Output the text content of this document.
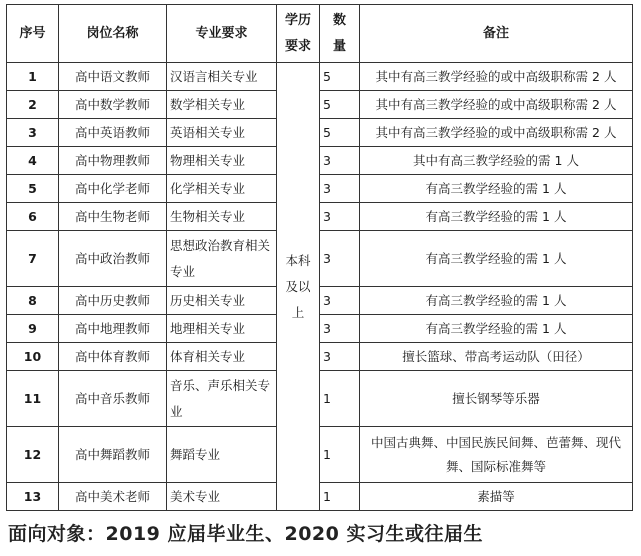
序号	岗位名称	专业要求	学历要求	数量	备注
1	高中语文教师	汉语言相关专业	本科及以上	5	其中有高三教学经验的或中高级职称需 2 人
2	高中数学教师	数学相关专业		5	其中有高三教学经验的或中高级职称需 2 人
3	高中英语教师	英语相关专业		5	其中有高三教学经验的或中高级职称需 2 人
4	高中物理教师	物理相关专业		3	其中有高三教学经验的需 1 人
5	高中化学老师	化学相关专业		3	有高三教学经验的需 1 人
6	高中生物老师	生物相关专业		3	有高三教学经验的需 1 人
7	高中政治教师	思想政治教育相关专业		3	有高三教学经验的需 1 人
8	高中历史教师	历史相关专业		3	有高三教学经验的需 1 人
9	高中地理教师	地理相关专业		3	有高三教学经验的需 1 人
10	高中体育教师	体育相关专业		3	擅长篮球、带高考运动队（田径）
11	高中音乐教师	音乐、声乐相关专业		1	擅长钢琴等乐器
12	高中舞蹈教师	舞蹈专业		1	中国古典舞、中国民族民间舞、芭蕾舞、现代舞、国际标准舞等
13	高中美术老师	美术专业		1	素描等
面向对象：2019 应届毕业生、2020 实习生或往届生
